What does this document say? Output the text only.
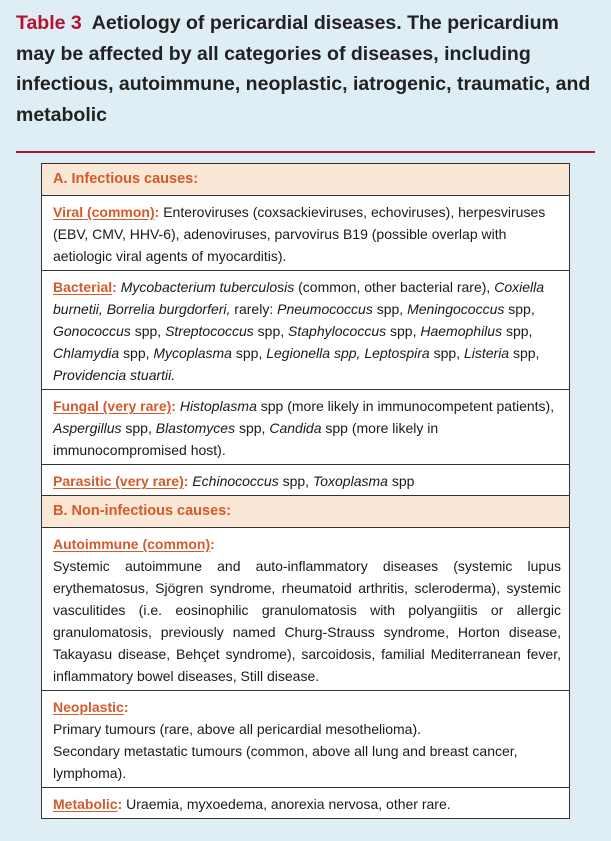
Table 3 Aetiology of pericardial diseases. The pericardium may be affected by all categories of diseases, including infectious, autoimmune, neoplastic, iatrogenic, traumatic, and metabolic
A. Infectious causes:
Viral (common): Enteroviruses (coxsackieviruses, echoviruses), herpesviruses (EBV, CMV, HHV-6), adenoviruses, parvovirus B19 (possible overlap with aetiologic viral agents of myocarditis).
Bacterial: Mycobacterium tuberculosis (common, other bacterial rare), Coxiella burnetii, Borrelia burgdorferi, rarely: Pneumococcus spp, Meningococcus spp, Gonococcus spp, Streptococcus spp, Staphylococcus spp, Haemophilus spp, Chlamydia spp, Mycoplasma spp, Legionella spp, Leptospira spp, Listeria spp, Providencia stuartii.
Fungal (very rare): Histoplasma spp (more likely in immunocompetent patients), Aspergillus spp, Blastomyces spp, Candida spp (more likely in immunocompromised host).
Parasitic (very rare): Echinococcus spp, Toxoplasma spp
B. Non-infectious causes:
Autoimmune (common):
Systemic autoimmune and auto-inflammatory diseases (systemic lupus erythematosus, Sjögren syndrome, rheumatoid arthritis, scleroderma), systemic vasculitides (i.e. eosinophilic granulomatosis with polyangiitis or allergic granulomatosis, previously named Churg-Strauss syndrome, Horton disease, Takayasu disease, Behçet syndrome), sarcoidosis, familial Mediterranean fever, inflammatory bowel diseases, Still disease.
Neoplastic:
Primary tumours (rare, above all pericardial mesothelioma).
Secondary metastatic tumours (common, above all lung and breast cancer, lymphoma).
Metabolic: Uraemia, myxoedema, anorexia nervosa, other rare.
